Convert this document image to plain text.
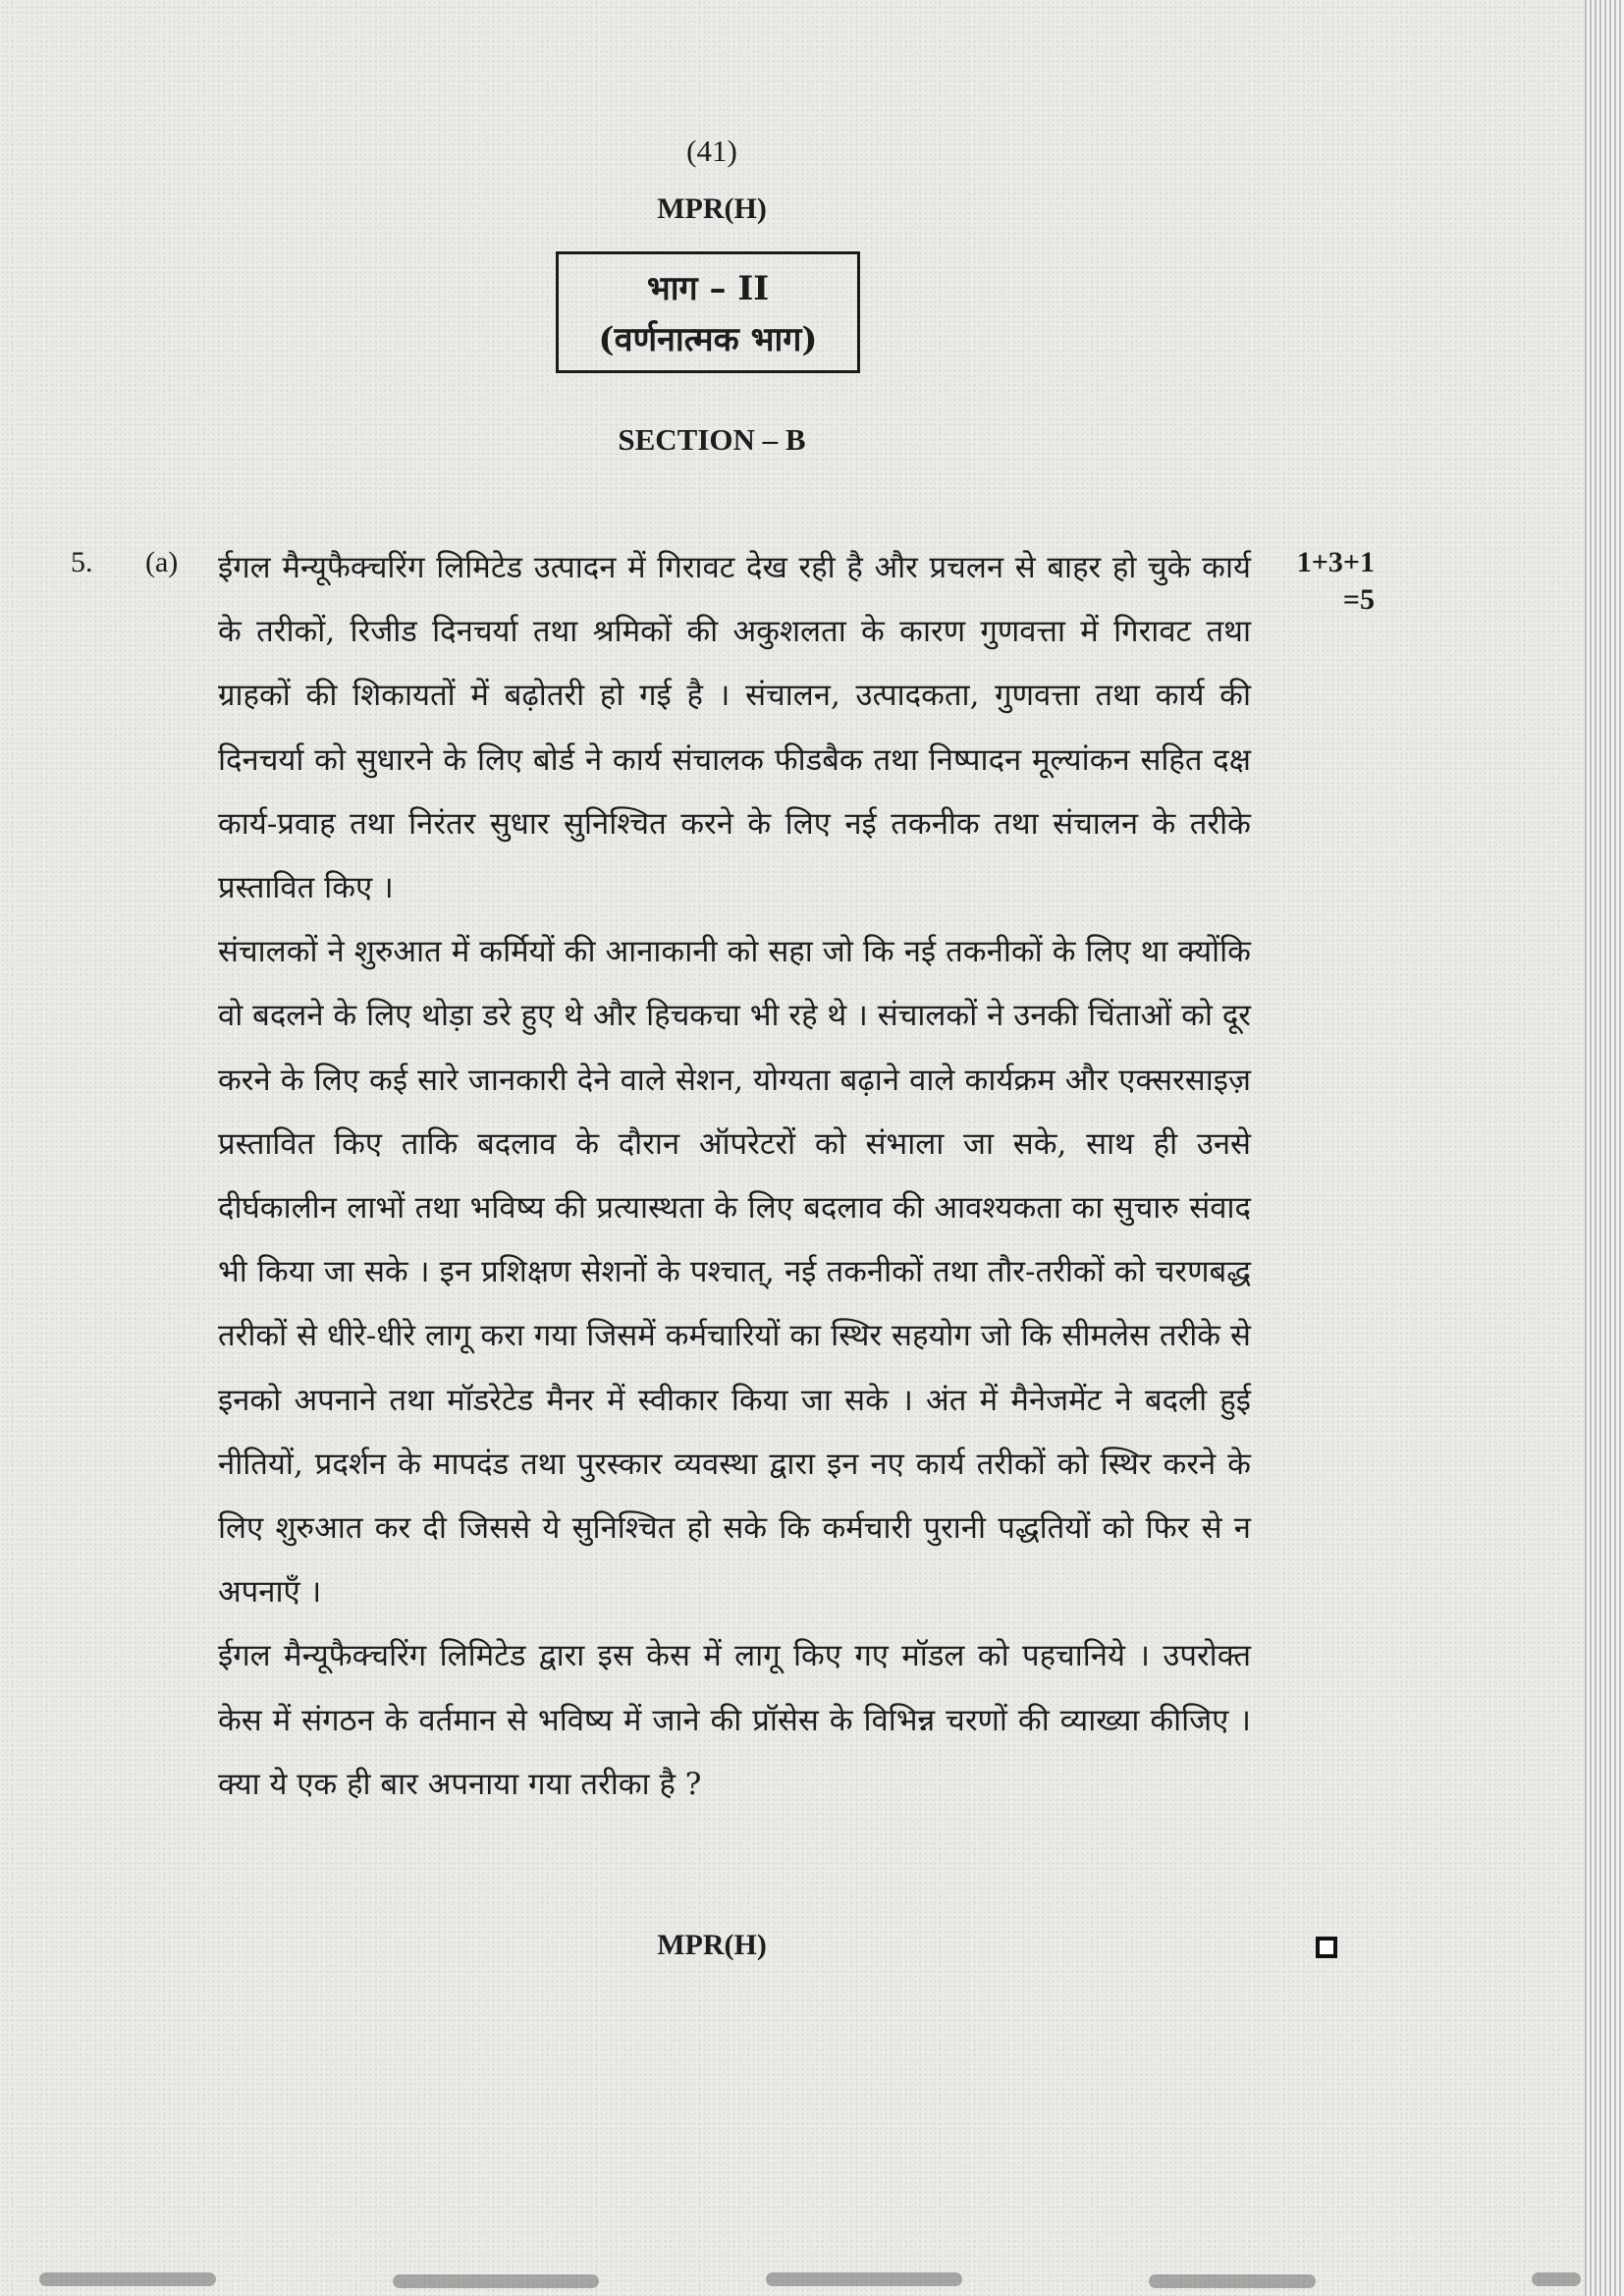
(41)
MPR(H)
भाग – II
(वर्णनात्मक भाग)
SECTION – B
5. (a)	1+3+1
=5
ईगल मैन्यूफैक्चरिंग लिमिटेड उत्पादन में गिरावट देख रही है और प्रचलन से बाहर हो चुके कार्य के तरीकों, रिजीड दिनचर्या तथा श्रमिकों की अकुशलता के कारण गुणवत्ता में गिरावट तथा ग्राहकों की शिकायतों में बढ़ोतरी हो गई है । संचालन, उत्पादकता, गुणवत्ता तथा कार्य की दिनचर्या को सुधारने के लिए बोर्ड ने कार्य संचालक फीडबैक तथा निष्पादन मूल्यांकन सहित दक्ष कार्य-प्रवाह तथा निरंतर सुधार सुनिश्चित करने के लिए नई तकनीक तथा संचालन के तरीके प्रस्तावित किए ।
संचालकों ने शुरुआत में कर्मियों की आनाकानी को सहा जो कि नई तकनीकों के लिए था क्योंकि वो बदलने के लिए थोड़ा डरे हुए थे और हिचकचा भी रहे थे । संचालकों ने उनकी चिंताओं को दूर करने के लिए कई सारे जानकारी देने वाले सेशन, योग्यता बढ़ाने वाले कार्यक्रम और एक्सरसाइज़ प्रस्तावित किए ताकि बदलाव के दौरान ऑपरेटरों को संभाला जा सके, साथ ही उनसे दीर्घकालीन लाभों तथा भविष्य की प्रत्यास्थता के लिए बदलाव की आवश्यकता का सुचारु संवाद भी किया जा सके । इन प्रशिक्षण सेशनों के पश्चात्, नई तकनीकों तथा तौर-तरीकों को चरणबद्ध तरीकों से धीरे-धीरे लागू करा गया जिसमें कर्मचारियों का स्थिर सहयोग जो कि सीमलेस तरीके से इनको अपनाने तथा मॉडरेटेड मैनर में स्वीकार किया जा सके । अंत में मैनेजमेंट ने बदली हुई नीतियों, प्रदर्शन के मापदंड तथा पुरस्कार व्यवस्था द्वारा इन नए कार्य तरीकों को स्थिर करने के लिए शुरुआत कर दी जिससे ये सुनिश्चित हो सके कि कर्मचारी पुरानी पद्धतियों को फिर से न अपनाएँ ।
ईगल मैन्यूफैक्चरिंग लिमिटेड द्वारा इस केस में लागू किए गए मॉडल को पहचानिये । उपरोक्त केस में संगठन के वर्तमान से भविष्य में जाने की प्रॉसेस के विभिन्न चरणों की व्याख्या कीजिए । क्या ये एक ही बार अपनाया गया तरीका है ?
MPR(H)
